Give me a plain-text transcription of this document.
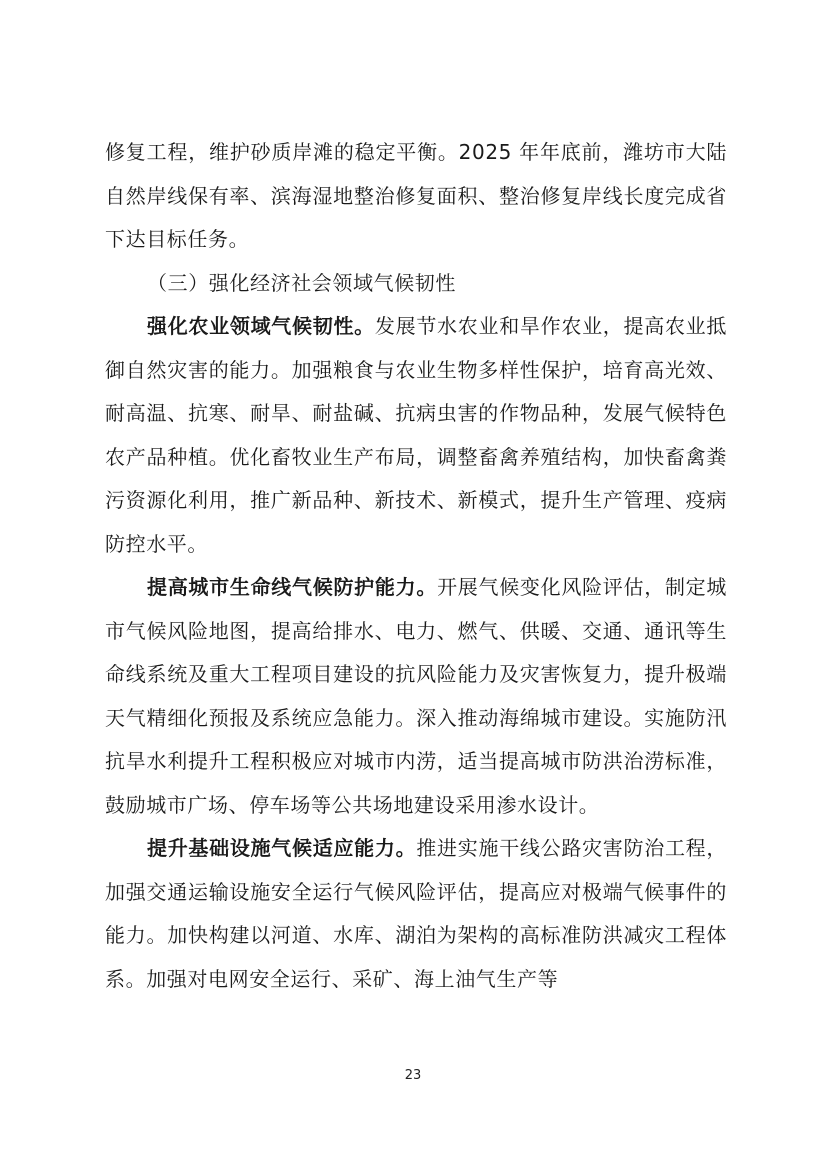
修复工程，维护砂质岸滩的稳定平衡。2025 年年底前，潍坊市大陆自然岸线保有率、滨海湿地整治修复面积、整治修复岸线长度完成省下达目标任务。

（三）强化经济社会领域气候韧性

强化农业领域气候韧性。发展节水农业和旱作农业，提高农业抵御自然灾害的能力。加强粮食与农业生物多样性保护，培育高光效、耐高温、抗寒、耐旱、耐盐碱、抗病虫害的作物品种，发展气候特色农产品种植。优化畜牧业生产布局，调整畜禽养殖结构，加快畜禽粪污资源化利用，推广新品种、新技术、新模式，提升生产管理、疫病防控水平。

提高城市生命线气候防护能力。开展气候变化风险评估，制定城市气候风险地图，提高给排水、电力、燃气、供暖、交通、通讯等生命线系统及重大工程项目建设的抗风险能力及灾害恢复力，提升极端天气精细化预报及系统应急能力。深入推动海绵城市建设。实施防汛抗旱水利提升工程积极应对城市内涝，适当提高城市防洪治涝标准，鼓励城市广场、停车场等公共场地建设采用渗水设计。

提升基础设施气候适应能力。推进实施干线公路灾害防治工程，加强交通运输设施安全运行气候风险评估，提高应对极端气候事件的能力。加快构建以河道、水库、湖泊为架构的高标准防洪减灾工程体系。加强对电网安全运行、采矿、海上油气生产等

23
